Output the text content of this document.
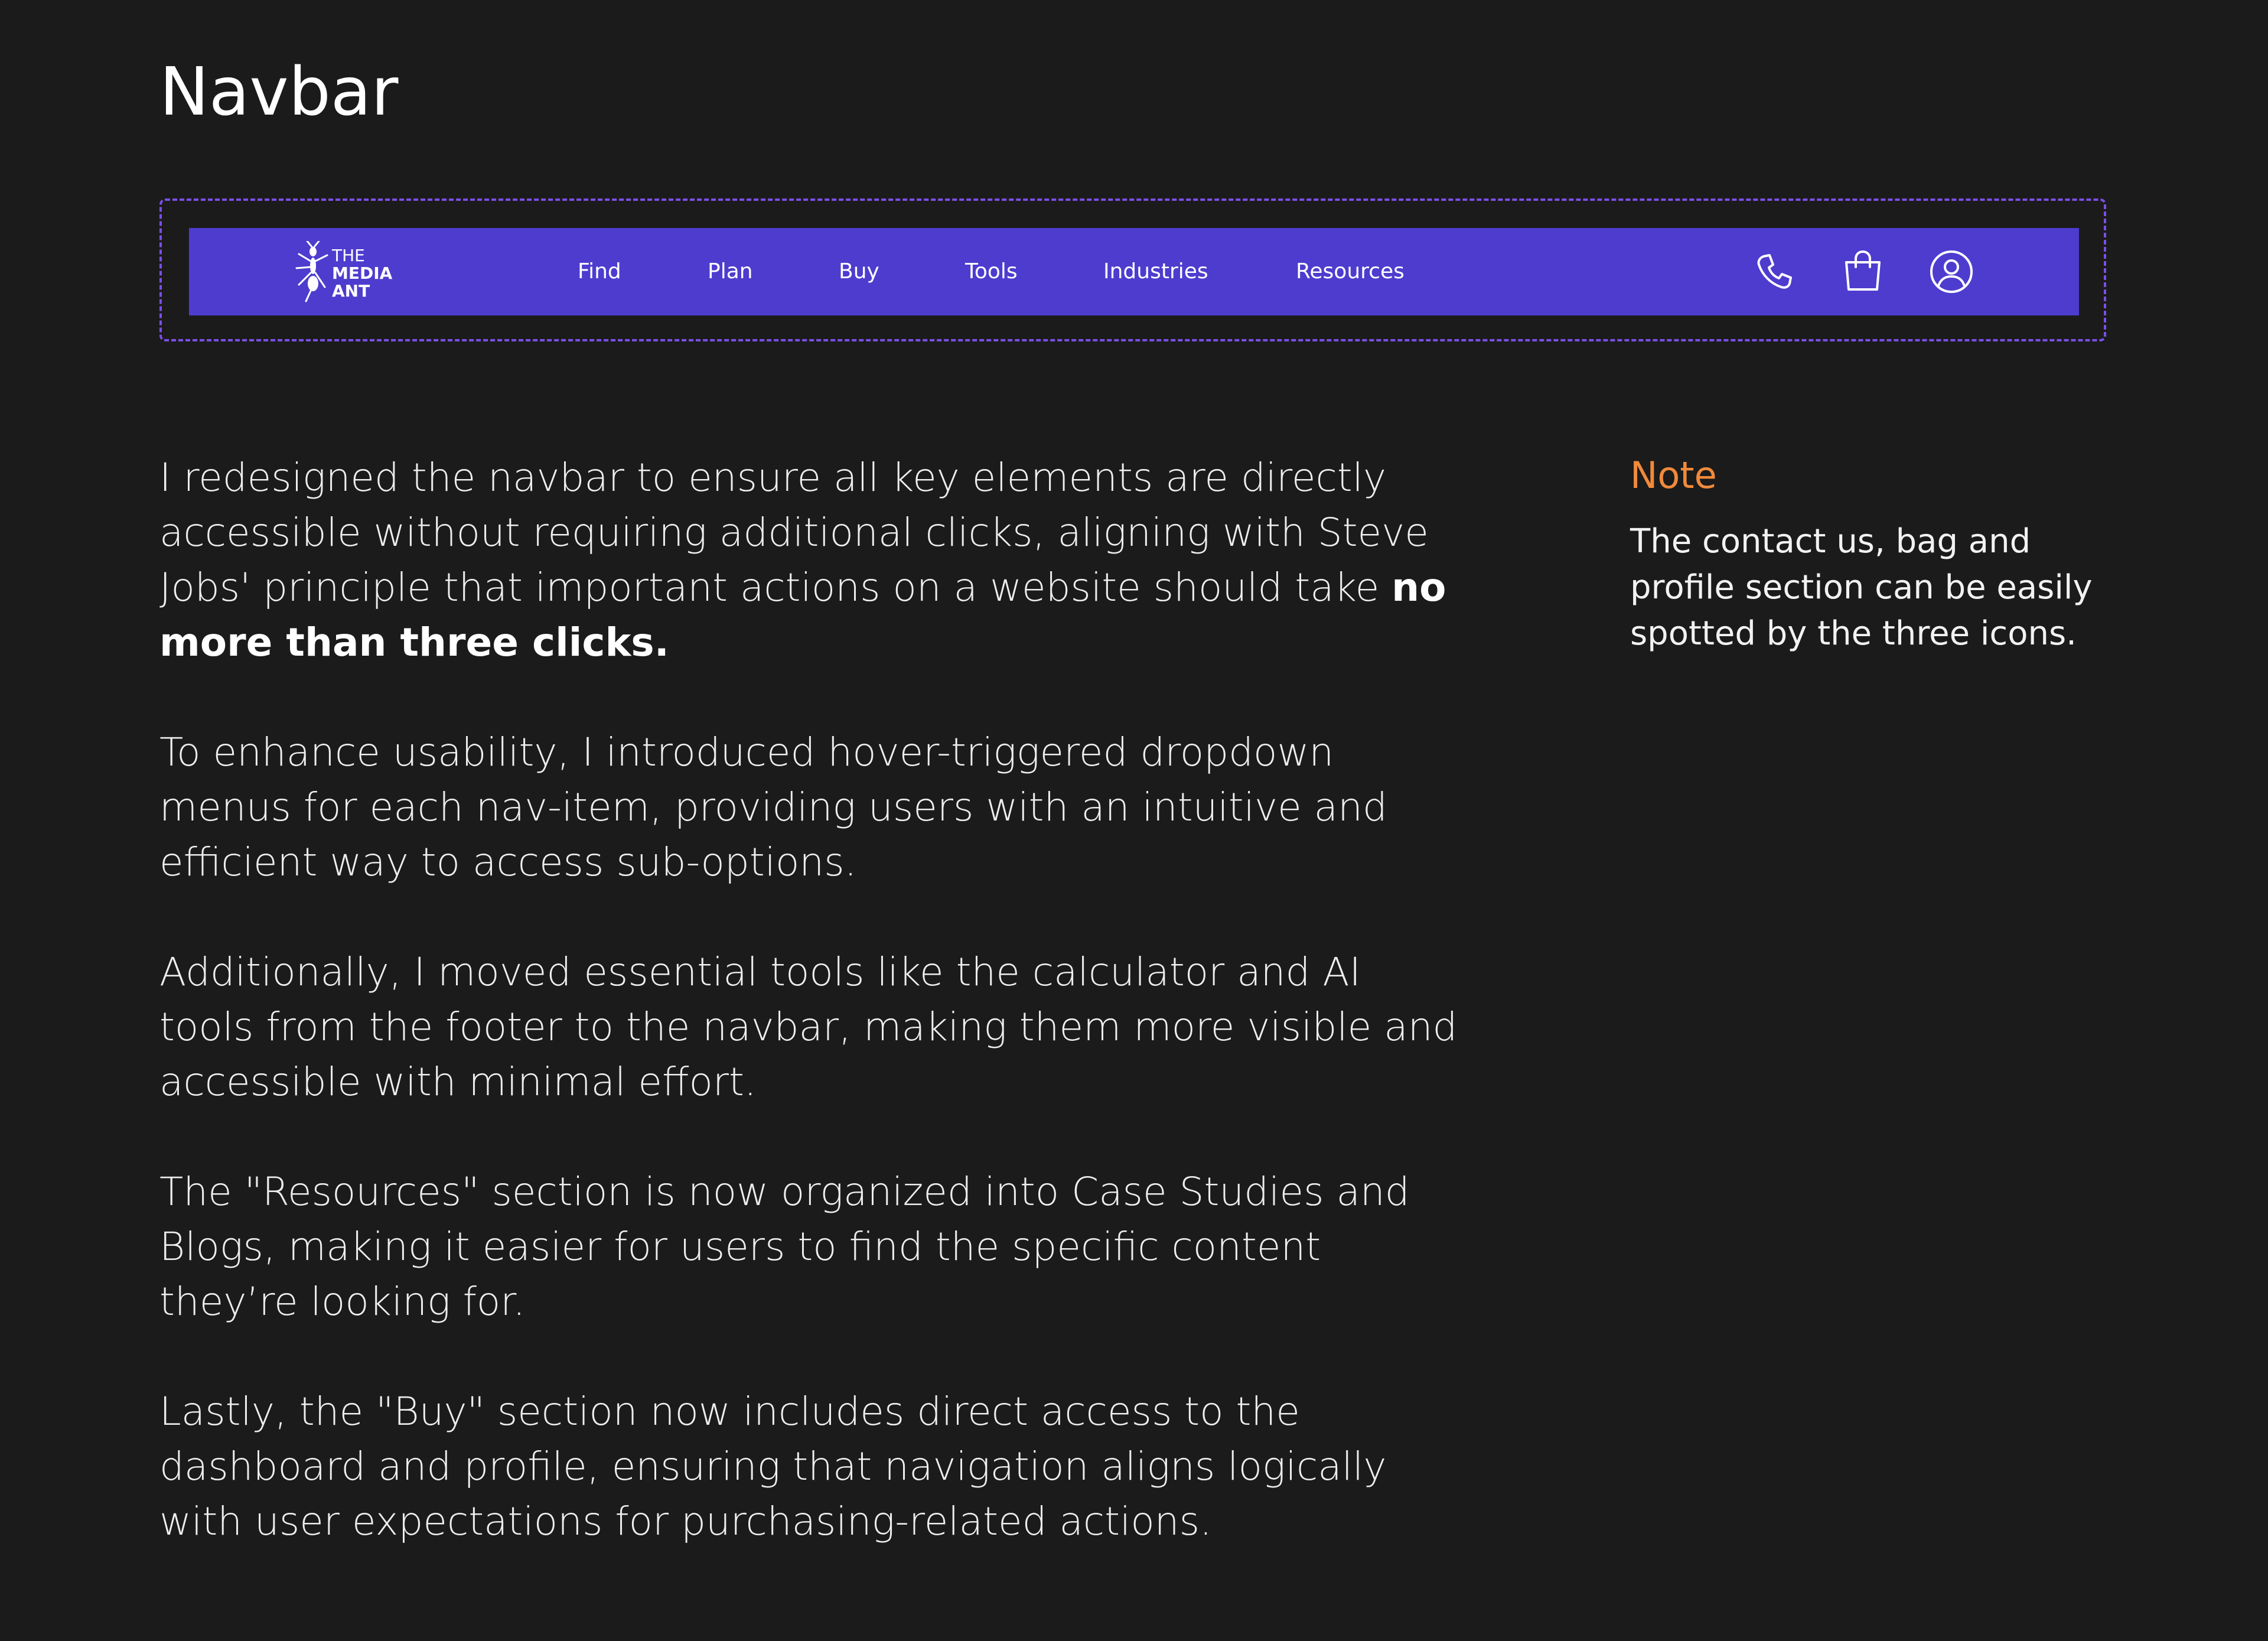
Navbar
THE
MEDIA
ANT
Find	Plan	Buy	Tools	Industries	Resources

I redesigned the navbar to ensure all key elements are directly accessible without requiring additional clicks, aligning with Steve Jobs' principle that important actions on a website should take no more than three clicks.

To enhance usability, I introduced hover-triggered dropdown menus for each nav-item, providing users with an intuitive and efficient way to access sub-options.

Additionally, I moved essential tools like the calculator and AI tools from the footer to the navbar, making them more visible and accessible with minimal effort.

The "Resources" section is now organized into Case Studies and Blogs, making it easier for users to find the specific content they’re looking for.

Lastly, the "Buy" section now includes direct access to the dashboard and profile, ensuring that navigation aligns logically with user expectations for purchasing-related actions.

Note

The contact us, bag and profile section can be easily spotted by the three icons.
